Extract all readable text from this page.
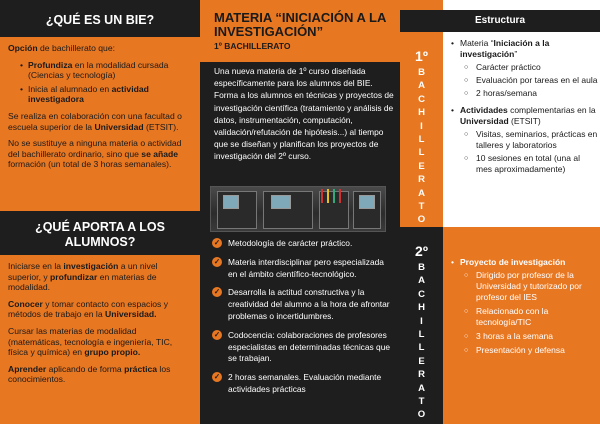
¿QUÉ ES UN BIE?

Opción de bachillerato que:

• Profundiza en la modalidad cursada (Ciencias y tecnología)
• Inicia al alumnado en actividad investigadora

Se realiza en colaboración con una facultad o escuela superior de la Universidad (ETSIT).

No se sustituye a ninguna materia o actividad del bachillerato ordinario, sino que se añade formación (un total de 3 horas semanales).

¿QUÉ APORTA A LOS ALUMNOS?

Iniciarse en la investigación a un nivel superior, y profundizar en materias de modalidad.

Conocer y tomar contacto con espacios y métodos de trabajo en la Universidad.

Cursar las materias de modalidad (matemáticas, tecnología e ingeniería, TIC, física y química) en grupo propio.

Aprender aplicando de forma práctica los conocimientos.

MATERIA “INICIACIÓN A LA INVESTIGACIÓN”
1º BACHILLERATO
Una nueva materia de 1º curso diseñada específicamente para los alumnos del BIE. Forma a los alumnos en técnicas y proyectos de investigación científica (tratamiento y análisis de datos, instrumentación, computación, validación/refutación de hipótesis...) al tiempo que se diseñan y planifican los proyectos de investigación del 2º curso.
✓ Metodología de carácter práctico.
✓ Materia interdisciplinar pero especializada en el ámbito científico-tecnológico.
✓ Desarrolla la actitud constructiva y la creatividad del alumno a la hora de afrontar problemas o incertidumbres.
✓ Codocencia: colaboraciones de profesores especialistas en determinadas técnicas que se trabajan.
✓ 2 horas semanales. Evaluación mediante actividades prácticas
1º
B
A
C
H
I
L
L
E
R
A
T
O
Estructura
• Materia “Iniciación a la investigación”
○ Carácter práctico
○ Evaluación por tareas en el aula
○ 2 horas/semana
• Actividades complementarias en la Universidad (ETSIT)
○ Visitas, seminarios, prácticas en talleres y laboratorios
○ 10 sesiones en total (una al mes aproximadamente)
2º
B
A
C
H
I
L
L
E
R
A
T
O
• Proyecto de investigación
○ Dirigido por profesor de la Universidad y tutorizado por profesor del IES
○ Relacionado con la tecnología/TIC
○ 3 horas a la semana
○ Presentación y defensa
